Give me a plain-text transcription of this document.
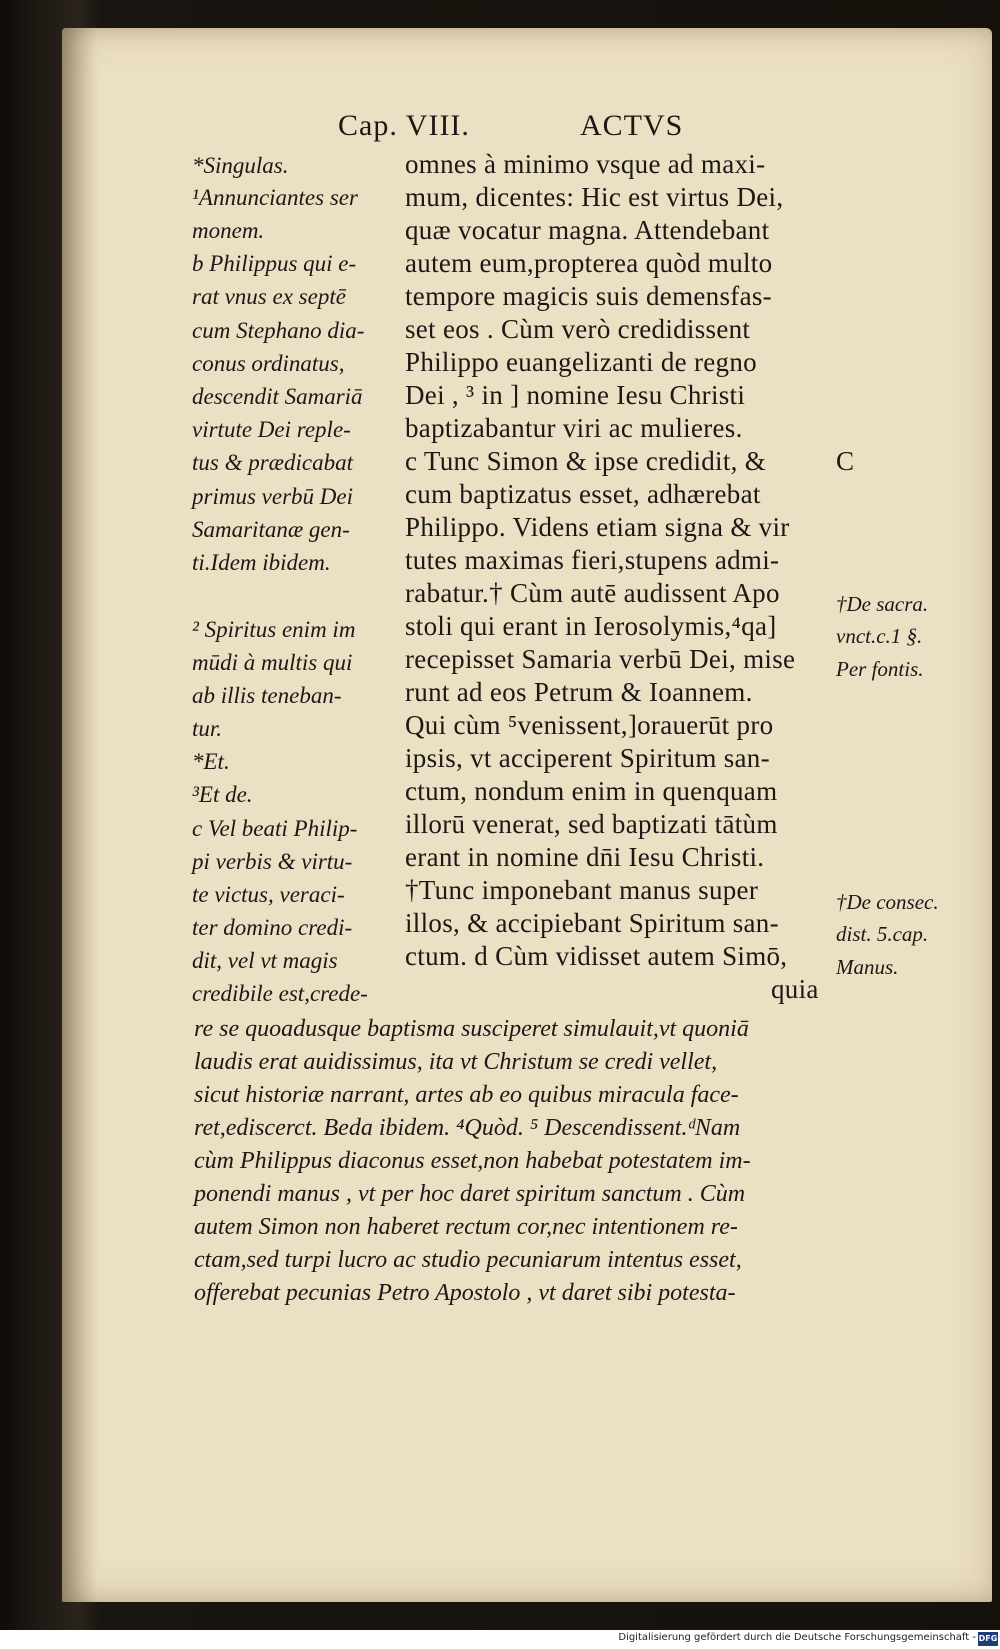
Cap. VIII.	ACTVS
*Singulas.
¹Annunciantes ser
monem.
b Philippus qui e-
rat vnus ex septē
cum Stephano dia-
conus ordinatus,
descendit Samariā
virtute Dei reple-
tus & prædicabat
primus verbū Dei
Samaritanæ gen-
ti.Idem ibidem.
² Spiritus enim im
mūdi à multis qui
ab illis teneban-
tur.
*Et.
³Et de.
c Vel beati Philip-
pi verbis & virtu-
te victus, veraci-
ter domino credi-
dit, vel vt magis
credibile est,crede-
omnes à minimo vsque ad maxi-
mum, dicentes: Hic est virtus Dei,
quæ vocatur magna. Attendebant
autem eum,propterea quòd multo
tempore magicis suis demensfas-
set eos . Cùm verò credidissent
Philippo euangelizanti de regno
Dei , ³ in ] nomine Iesu Christi
baptizabantur viri ac mulieres.
c Tunc Simon & ipse credidit, &
cum baptizatus esset, adhærebat
Philippo. Videns etiam signa & vir
tutes maximas fieri,stupens admi-
rabatur.† Cùm autē audissent Apo
stoli qui erant in Ierosolymis,⁴qa]
recepisset Samaria verbū Dei, mise
runt ad eos Petrum & Ioannem.
Qui cùm ⁵venissent,]orauerūt pro
ipsis, vt acciperent Spiritum san-
ctum, nondum enim in quenquam
illorū venerat, sed baptizati tātùm
erant in nomine dn̄i Iesu Christi.
†Tunc imponebant manus super
illos, & accipiebant Spiritum san-
ctum. d Cùm vidisset autem Simō,
quia
C
†De sacra.
vnct.c.1 §.
Per fontis.
†De consec.
dist. 5.cap.
Manus.
re se quoadusque baptisma susciperet simulauit,vt quoniā
laudis erat auidissimus, ita vt Christum se credi vellet,
sicut historiæ narrant, artes ab eo quibus miracula face-
ret,ediscerct. Beda ibidem. ⁴Quòd. ⁵ Descendissent.ᵈNam
cùm Philippus diaconus esset,non habebat potestatem im-
ponendi manus , vt per hoc daret spiritum sanctum . Cùm
autem Simon non haberet rectum cor,nec intentionem re-
ctam,sed turpi lucro ac studio pecuniarum intentus esset,
offerebat pecunias Petro Apostolo , vt daret sibi potesta-
Digitalisierung gefördert durch die Deutsche Forschungsgemeinschaft - DFG
